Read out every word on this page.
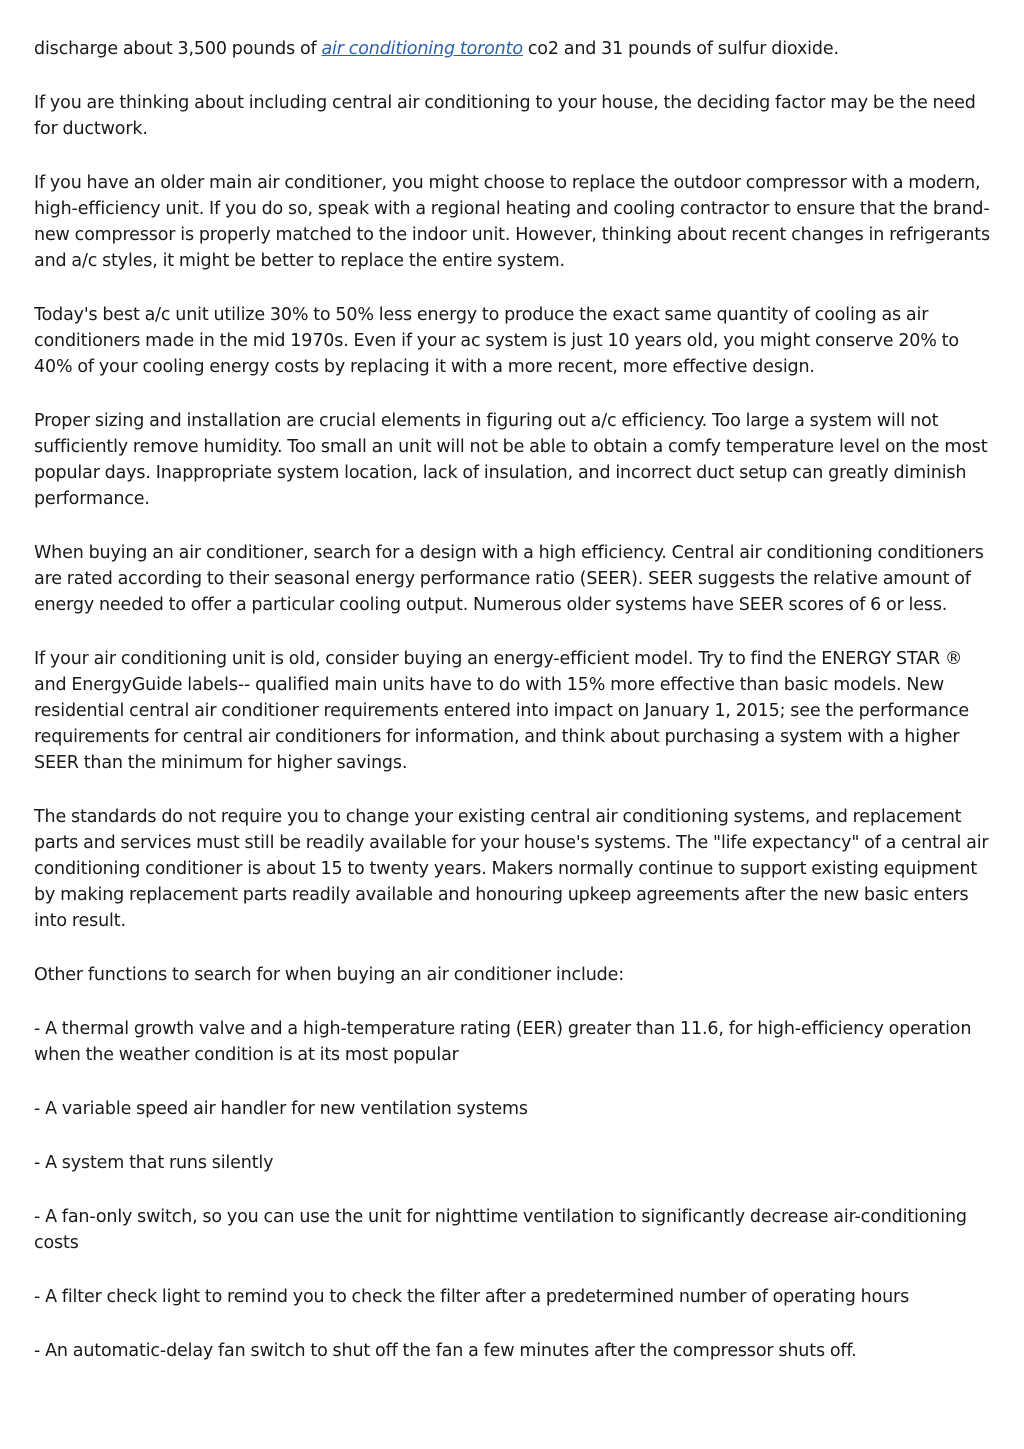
discharge about 3,500 pounds of air conditioning toronto co2 and 31 pounds of sulfur dioxide.

If you are thinking about including central air conditioning to your house, the deciding factor may be the need for ductwork.

If you have an older main air conditioner, you might choose to replace the outdoor compressor with a modern, high-efficiency unit. If you do so, speak with a regional heating and cooling contractor to ensure that the brand-new compressor is properly matched to the indoor unit. However, thinking about recent changes in refrigerants and a/c styles, it might be better to replace the entire system.

Today's best a/c unit utilize 30% to 50% less energy to produce the exact same quantity of cooling as air conditioners made in the mid 1970s. Even if your ac system is just 10 years old, you might conserve 20% to 40% of your cooling energy costs by replacing it with a more recent, more effective design.

Proper sizing and installation are crucial elements in figuring out a/c efficiency. Too large a system will not sufficiently remove humidity. Too small an unit will not be able to obtain a comfy temperature level on the most popular days. Inappropriate system location, lack of insulation, and incorrect duct setup can greatly diminish performance.

When buying an air conditioner, search for a design with a high efficiency. Central air conditioning conditioners are rated according to their seasonal energy performance ratio (SEER). SEER suggests the relative amount of energy needed to offer a particular cooling output. Numerous older systems have SEER scores of 6 or less.

If your air conditioning unit is old, consider buying an energy-efficient model. Try to find the ENERGY STAR ® and EnergyGuide labels-- qualified main units have to do with 15% more effective than basic models. New residential central air conditioner requirements entered into impact on January 1, 2015; see the performance requirements for central air conditioners for information, and think about purchasing a system with a higher SEER than the minimum for higher savings.

The standards do not require you to change your existing central air conditioning systems, and replacement parts and services must still be readily available for your house's systems. The "life expectancy" of a central air conditioning conditioner is about 15 to twenty years. Makers normally continue to support existing equipment by making replacement parts readily available and honouring upkeep agreements after the new basic enters into result.

Other functions to search for when buying an air conditioner include:

- A thermal growth valve and a high-temperature rating (EER) greater than 11.6, for high-efficiency operation when the weather condition is at its most popular

- A variable speed air handler for new ventilation systems

- A system that runs silently

- A fan-only switch, so you can use the unit for nighttime ventilation to significantly decrease air-conditioning costs

- A filter check light to remind you to check the filter after a predetermined number of operating hours

- An automatic-delay fan switch to shut off the fan a few minutes after the compressor shuts off.
